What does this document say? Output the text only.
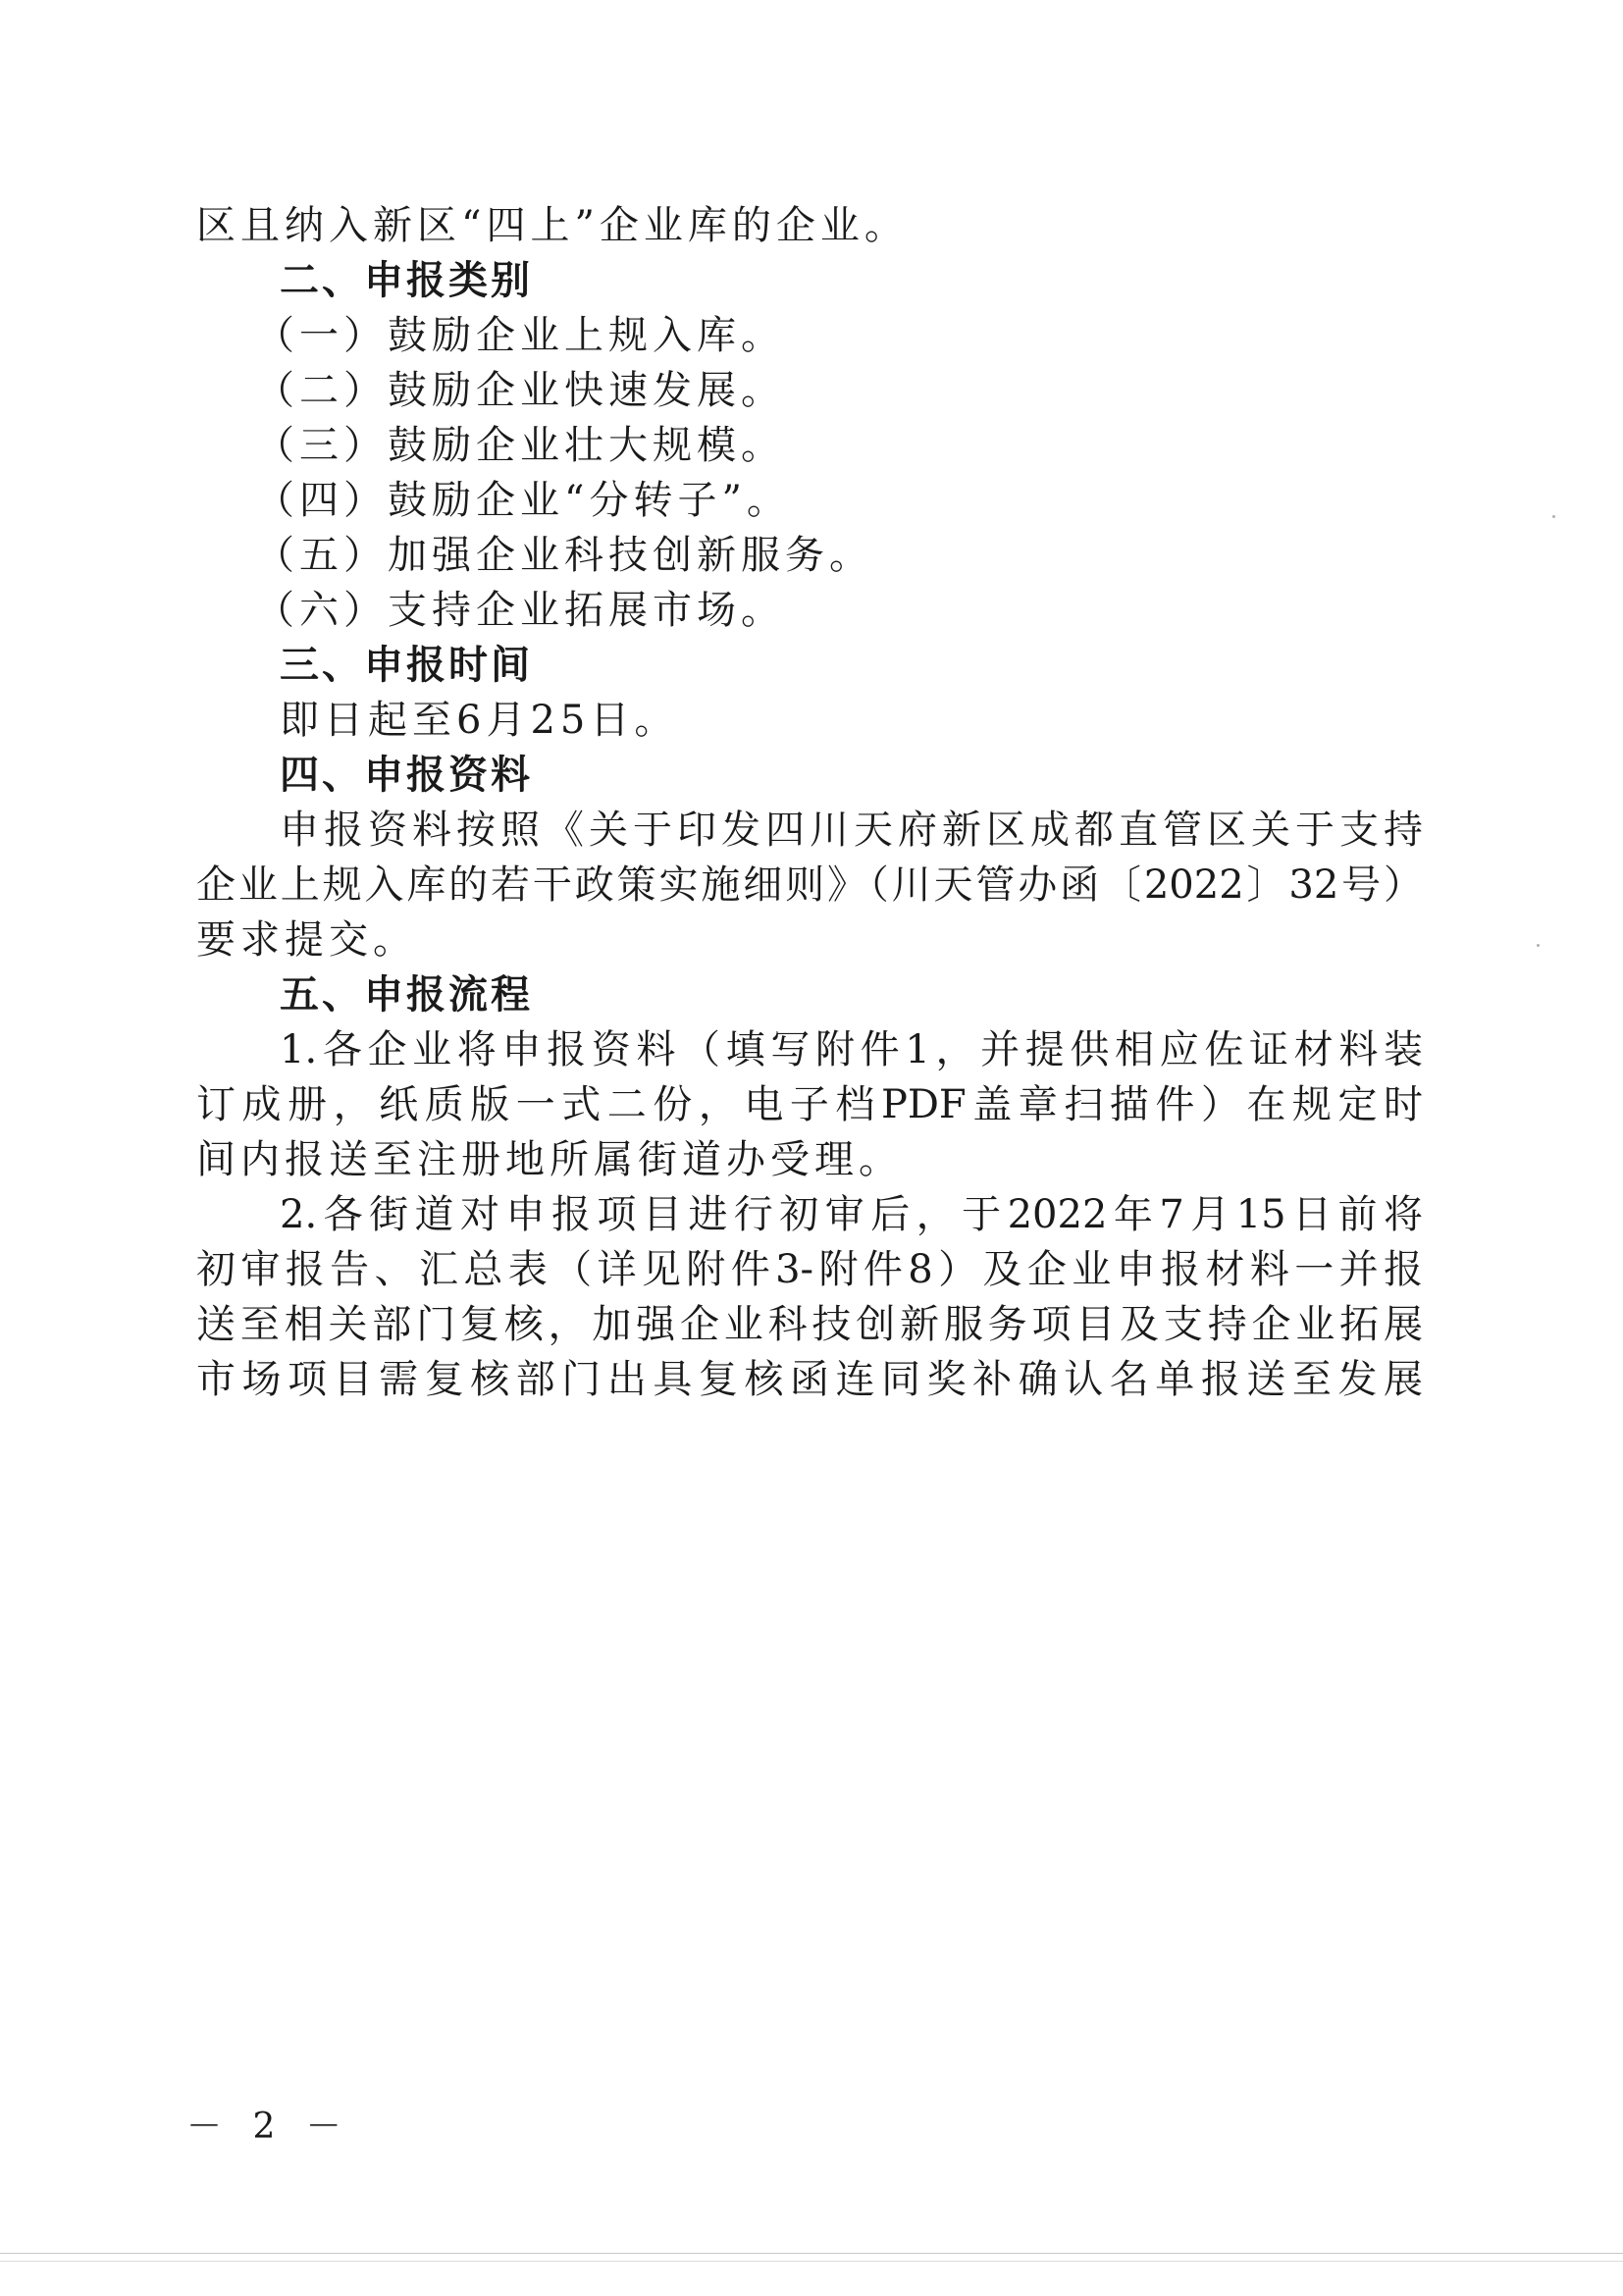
区且纳入新区“四上”企业库的企业。
二、申报类别
（一）鼓励企业上规入库。
（二）鼓励企业快速发展。
（三）鼓励企业壮大规模。
（四）鼓励企业“分转子”。
（五）加强企业科技创新服务。
（六）支持企业拓展市场。
三、申报时间
即日起至6月25日。
四、申报资料
申报资料按照《关于印发四川天府新区成都直管区关于支持
企业上规入库的若干政策实施细则》（川天管办函〔2022〕32号）
要求提交。
五、申报流程
1.各企业将申报资料（填写附件1，并提供相应佐证材料装
订成册，纸质版一式二份，电子档PDF盖章扫描件）在规定时
间内报送至注册地所属街道办受理。
2.各街道对申报项目进行初审后，于2022年7月15日前将
初审报告、汇总表（详见附件3-附件8）及企业申报材料一并报
送至相关部门复核，加强企业科技创新服务项目及支持企业拓展
市场项目需复核部门出具复核函连同奖补确认名单报送至发展
－ 2 －
